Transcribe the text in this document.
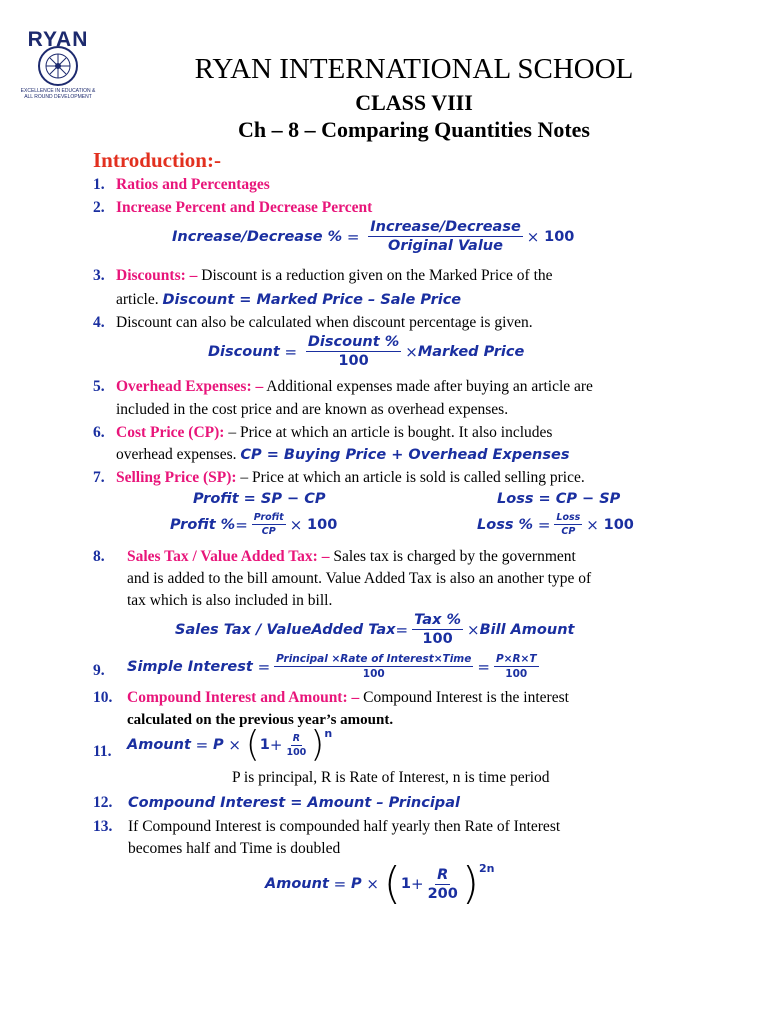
RYAN
EXCELLENCE IN EDUCATION &
ALL ROUND DEVELOPMENT
RYAN INTERNATIONAL SCHOOL
CLASS VIII
Ch – 8 – Comparing Quantities Notes
Introduction:-
1. Ratios and Percentages
2. Increase Percent and Decrease Percent
Increase/Decrease % = $\frac{\text{Increase/Decrease}}{\text{Original Value}} \times 100$
3. Discounts: – Discount is a reduction given on the Marked Price of the
article. Discount = Marked Price – Sale Price
4. Discount can also be calculated when discount percentage is given.
Discount = $\frac{\text{Discount \%}}{100}$ × Marked Price
5. Overhead Expenses: – Additional expenses made after buying an article are
included in the cost price and are known as overhead expenses.
6. Cost Price (CP): – Price at which an article is bought. It also includes
overhead expenses. CP = Buying Price + Overhead Expenses
7. Selling Price (SP): – Price at which an article is sold is called selling price.
Profit = SP − CP	Loss = CP − SP
Profit % = $\frac{\text{Profit}}{CP} \times 100$	Loss % = $\frac{\text{Loss}}{CP} \times 100$
8. Sales Tax / Value Added Tax: – Sales tax is charged by the government
and is added to the bill amount. Value Added Tax is also an another type of
tax which is also included in bill.
Sales Tax / ValueAdded Tax = $\frac{\text{Tax \%}}{100}$ × Bill Amount
9. Simple Interest = $\frac{\text{Principal ×Rate of Interest×Time}}{100} = \frac{P\times R\times T}{100}$
10. Compound Interest and Amount: – Compound Interest is the interest
calculated on the previous year’s amount.
11. Amount = P × ( $1 + \frac{R}{100}$ ) n
P is principal, R is Rate of Interest, n is time period
12. Compound Interest = Amount – Principal
13. If Compound Interest is compounded half yearly then Rate of Interest
becomes half and Time is doubled
Amount = P × ( $1 + \frac{R}{200}$ ) 2n
